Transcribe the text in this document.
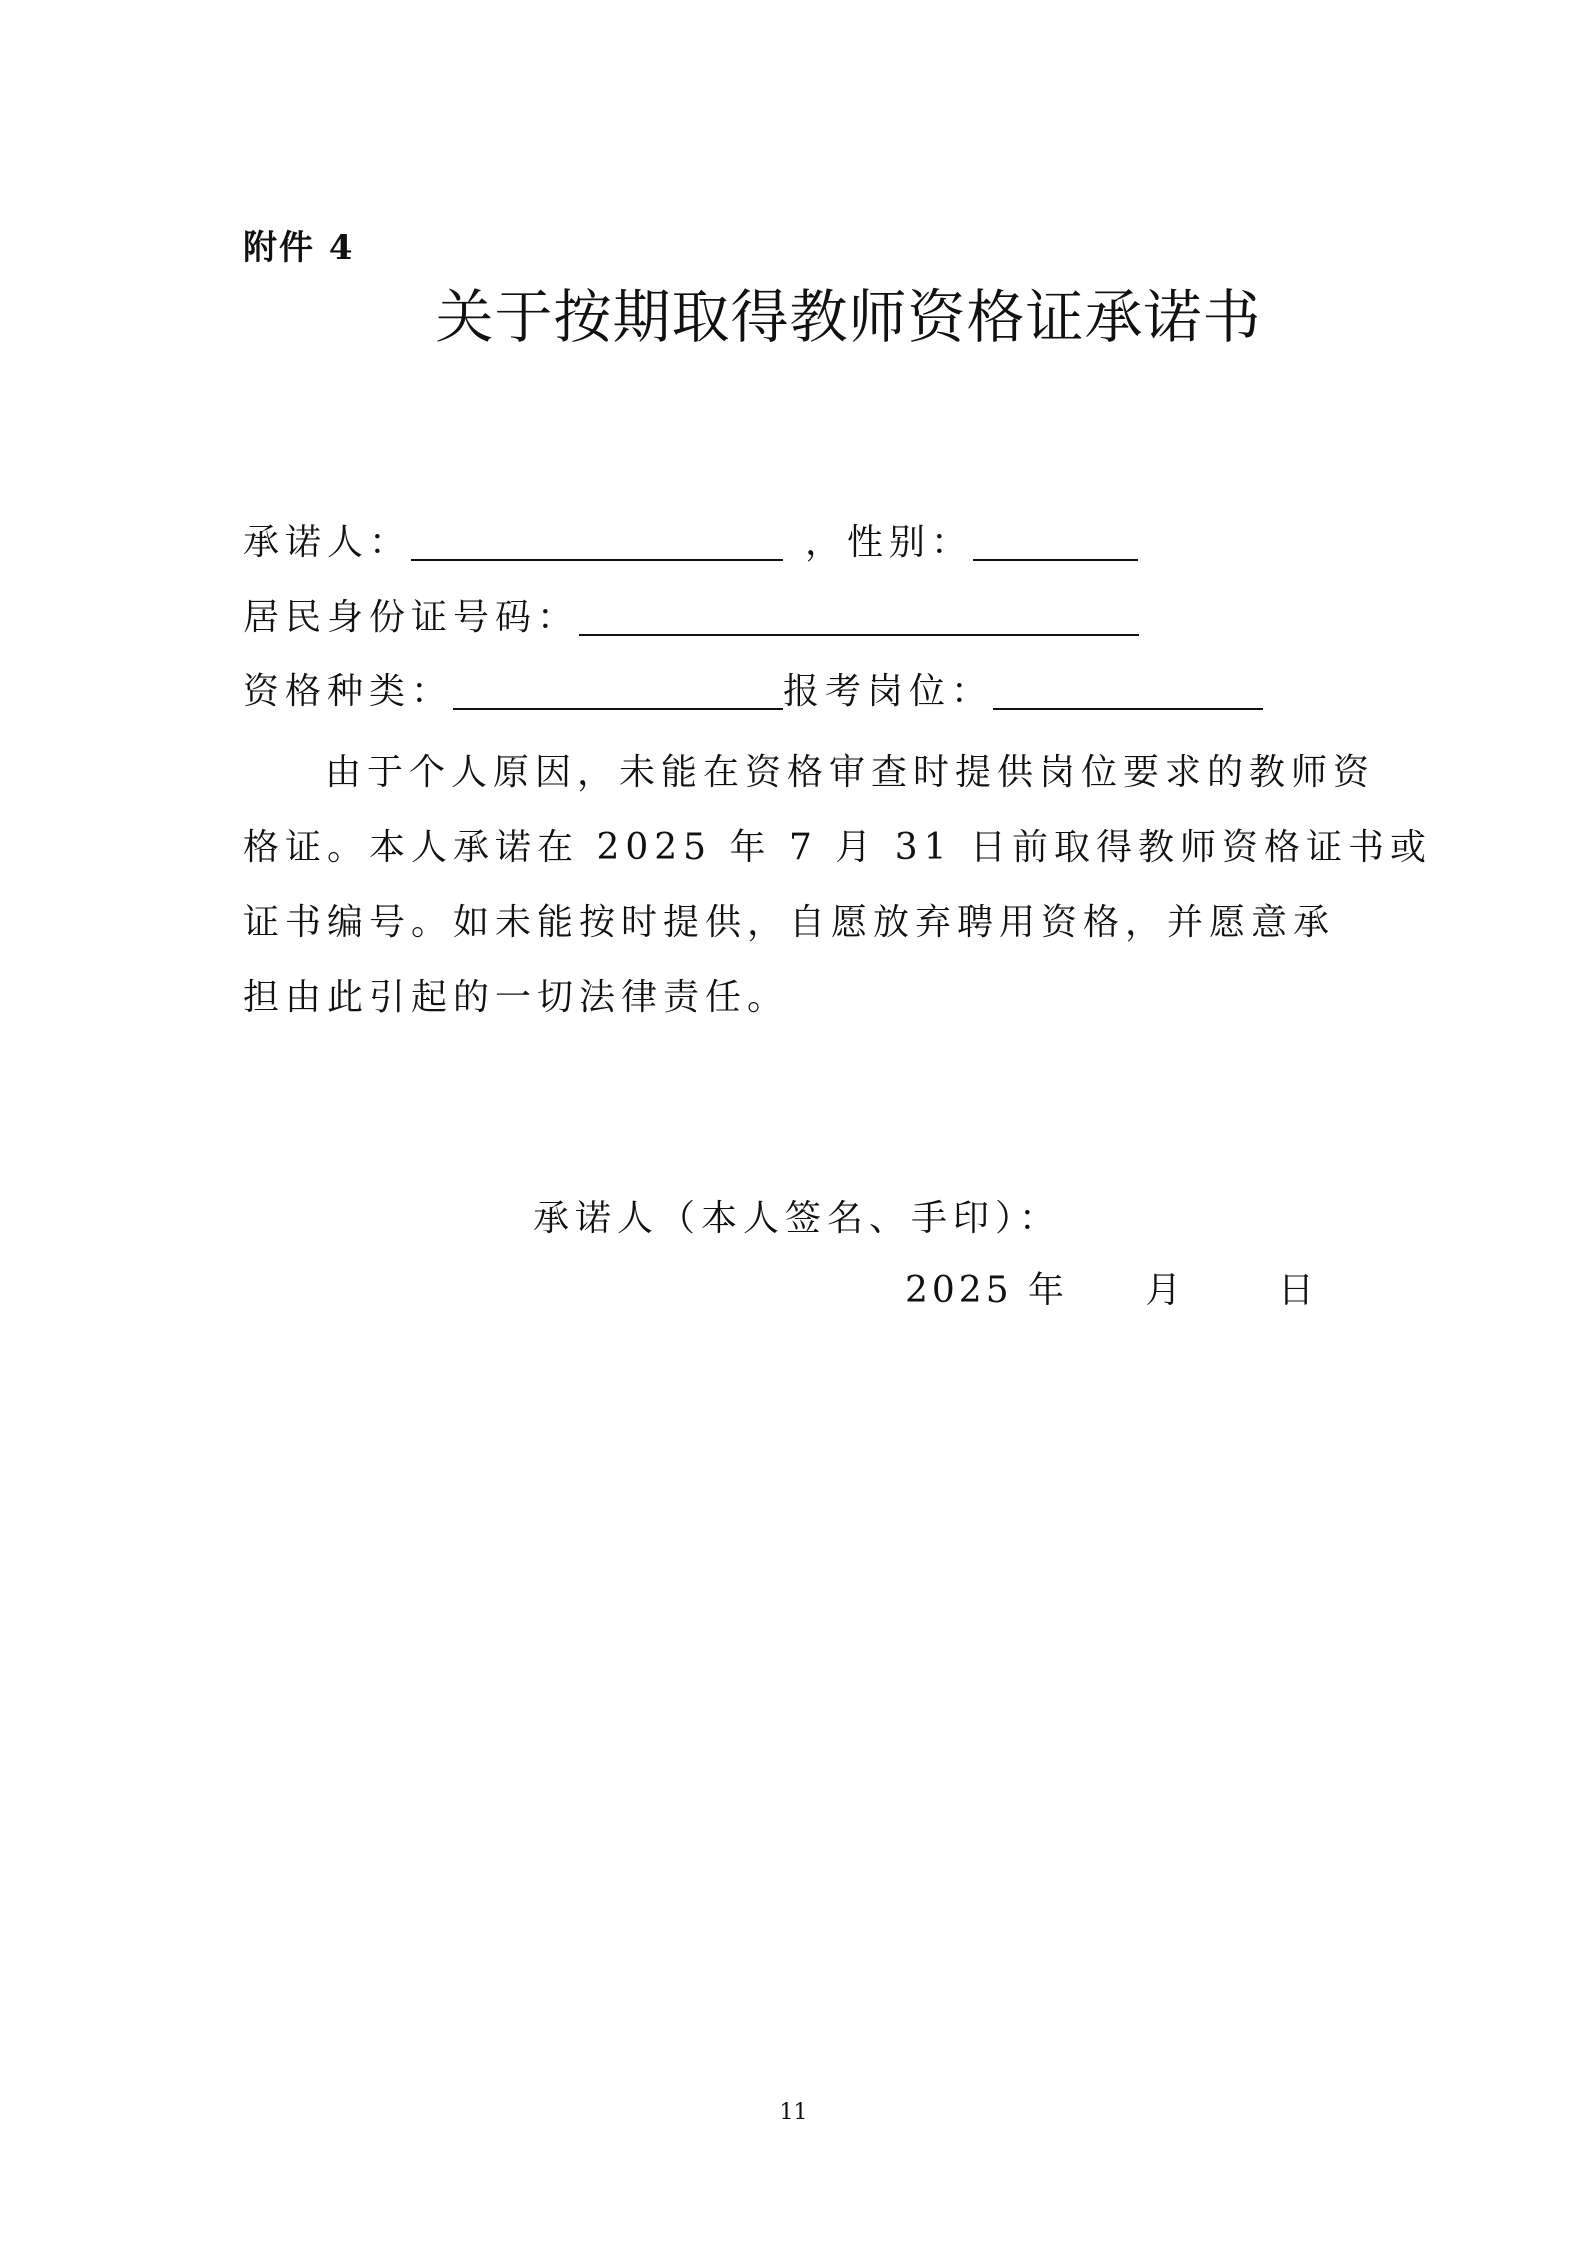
附件 4
关于按期取得教师资格证承诺书
承诺人：	，性别：
居民身份证号码：
资格种类：	报考岗位：
由于个人原因，未能在资格审查时提供岗位要求的教师资
格证。本人承诺在 2025 年 7 月 31 日前取得教师资格证书或
证书编号。如未能按时提供，自愿放弃聘用资格，并愿意承
担由此引起的一切法律责任。
承诺人（本人签名、手印）：
2025 年     月      日
11
